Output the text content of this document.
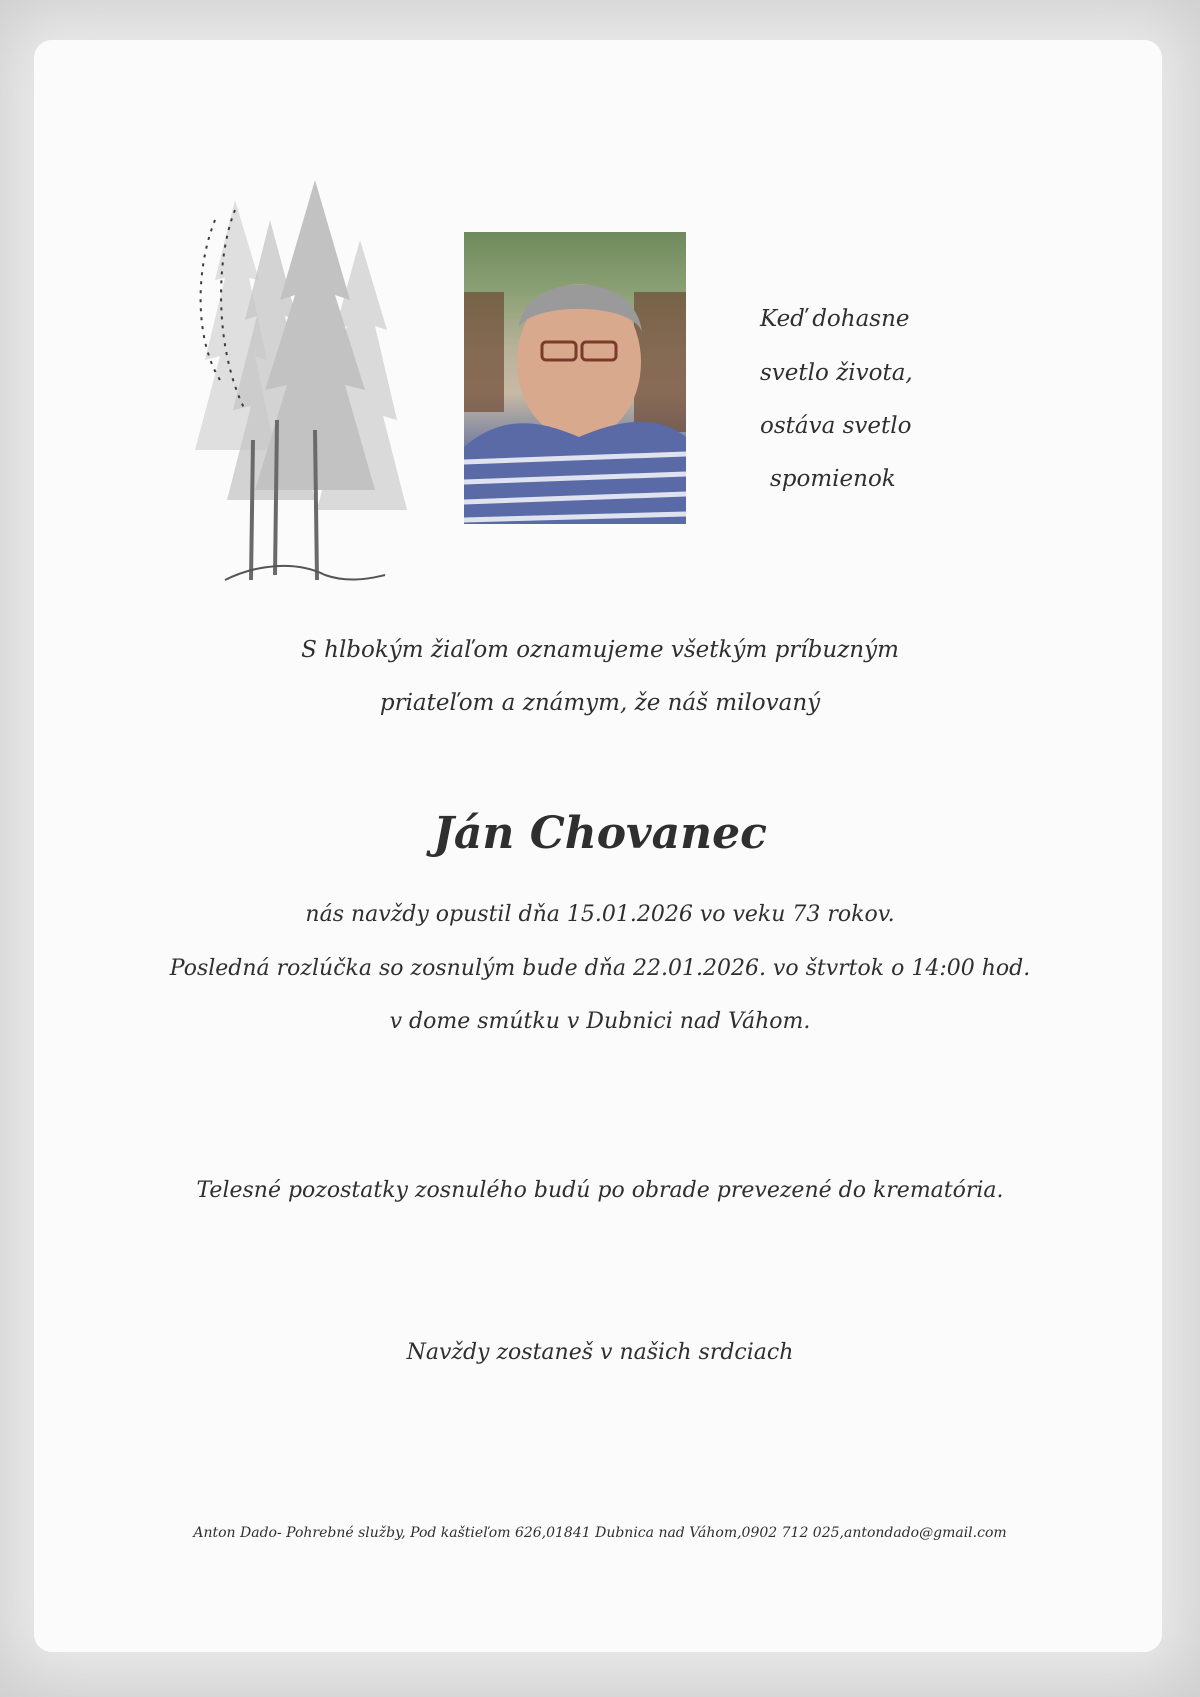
Keď dohasne
svetlo života,
ostáva svetlo
spomienok
S hlbokým žiaľom oznamujeme všetkým príbuzným
priateľom a známym, že náš milovaný
Ján Chovanec
nás navždy opustil dňa 15.01.2026 vo veku 73 rokov.
Posledná rozlúčka so zosnulým bude dňa 22.01.2026. vo štvrtok o 14:00 hod.
v dome smútku v Dubnici nad Váhom.
Telesné pozostatky zosnulého budú po obrade prevezené do krematória.
Navždy zostaneš v našich srdciach
Anton Dado- Pohrebné služby, Pod kaštieľom 626,01841 Dubnica nad Váhom,0902 712 025,antondado@gmail.com
